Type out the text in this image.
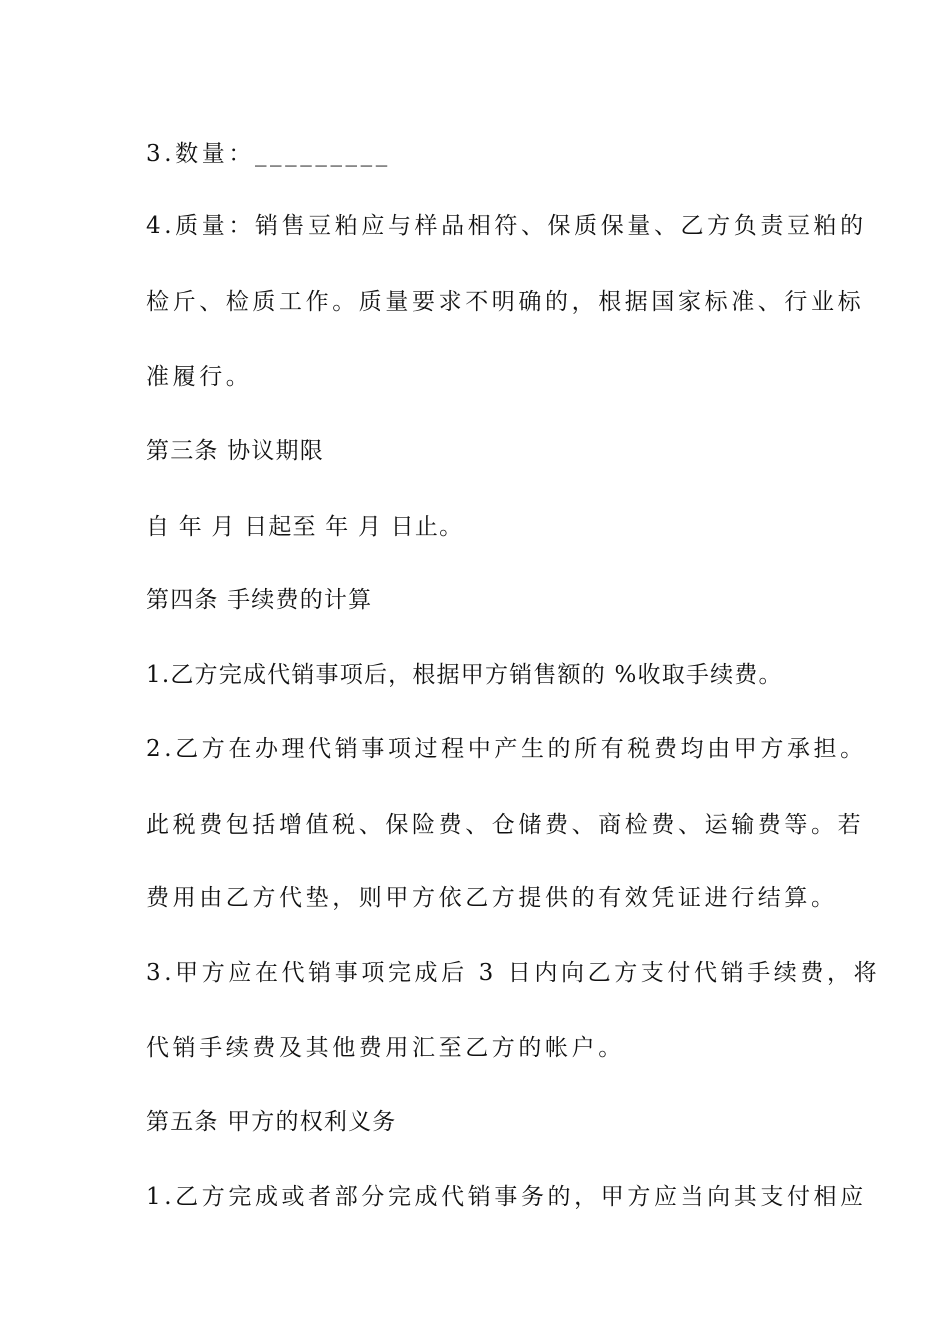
3.数量：_________
4.质量：销售豆粕应与样品相符、保质保量、乙方负责豆粕的
检斤、检质工作。质量要求不明确的，根据国家标准、行业标
准履行。
第三条 协议期限
自 年 月 日起至 年 月 日止。
第四条 手续费的计算
1.乙方完成代销事项后，根据甲方销售额的 %收取手续费。
2.乙方在办理代销事项过程中产生的所有税费均由甲方承担。
此税费包括增值税、保险费、仓储费、商检费、运输费等。若
费用由乙方代垫，则甲方依乙方提供的有效凭证进行结算。
3.甲方应在代销事项完成后 3 日内向乙方支付代销手续费，将
代销手续费及其他费用汇至乙方的帐户。
第五条 甲方的权利义务
1.乙方完成或者部分完成代销事务的，甲方应当向其支付相应
